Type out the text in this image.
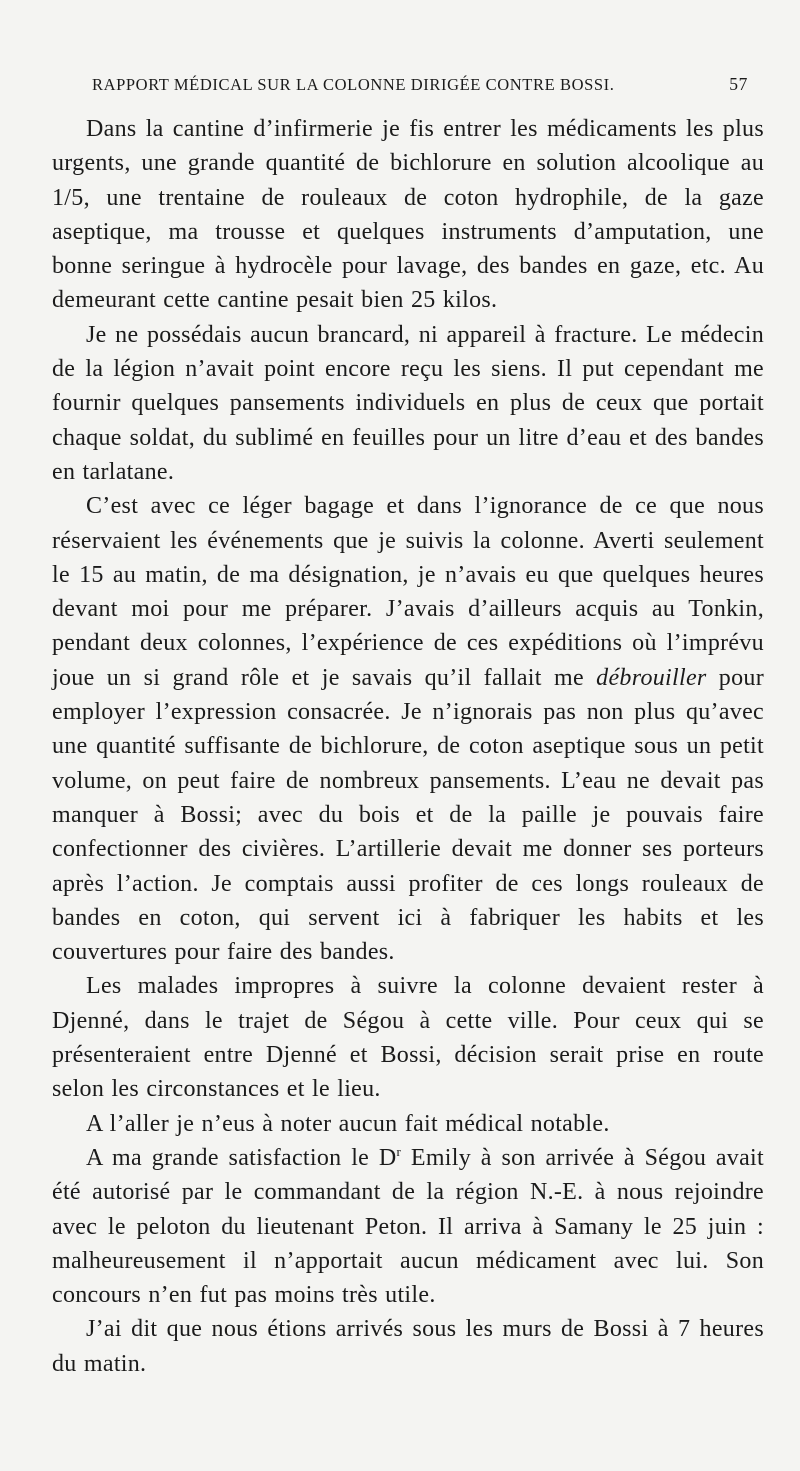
RAPPORT MÉDICAL SUR LA COLONNE DIRIGÉE CONTRE BOSSI.	57

Dans la cantine d’infirmerie je fis entrer les médicaments les plus urgents, une grande quantité de bichlorure en solution alcoolique au 1/5, une trentaine de rouleaux de coton hydrophile, de la gaze aseptique, ma trousse et quelques instruments d’amputation, une bonne seringue à hydrocèle pour lavage, des bandes en gaze, etc. Au demeurant cette cantine pesait bien 25 kilos.

Je ne possédais aucun brancard, ni appareil à fracture. Le médecin de la légion n’avait point encore reçu les siens. Il put cependant me fournir quelques pansements individuels en plus de ceux que portait chaque soldat, du sublimé en feuilles pour un litre d’eau et des bandes en tarlatane.

C’est avec ce léger bagage et dans l’ignorance de ce que nous réservaient les événements que je suivis la colonne. Averti seulement le 15 au matin, de ma désignation, je n’avais eu que quelques heures devant moi pour me préparer. J’avais d’ailleurs acquis au Tonkin, pendant deux colonnes, l’expérience de ces expéditions où l’imprévu joue un si grand rôle et je savais qu’il fallait me débrouiller pour employer l’expression consacrée. Je n’ignorais pas non plus qu’avec une quantité suffisante de bichlorure, de coton aseptique sous un petit volume, on peut faire de nombreux pansements. L’eau ne devait pas manquer à Bossi; avec du bois et de la paille je pouvais faire confectionner des civières. L’artillerie devait me donner ses porteurs après l’action. Je comptais aussi profiter de ces longs rouleaux de bandes en coton, qui servent ici à fabriquer les habits et les couvertures pour faire des bandes.

Les malades impropres à suivre la colonne devaient rester à Djenné, dans le trajet de Ségou à cette ville. Pour ceux qui se présenteraient entre Djenné et Bossi, décision serait prise en route selon les circonstances et le lieu.

A l’aller je n’eus à noter aucun fait médical notable.

A ma grande satisfaction le $D^r$ Emily à son arrivée à Ségou avait été autorisé par le commandant de la région N.-E. à nous rejoindre avec le peloton du lieutenant Peton. Il arriva à Samany le 25 juin : malheureusement il n’apportait aucun médicament avec lui. Son concours n’en fut pas moins très utile.

J’ai dit que nous étions arrivés sous les murs de Bossi à 7 heures du matin.
